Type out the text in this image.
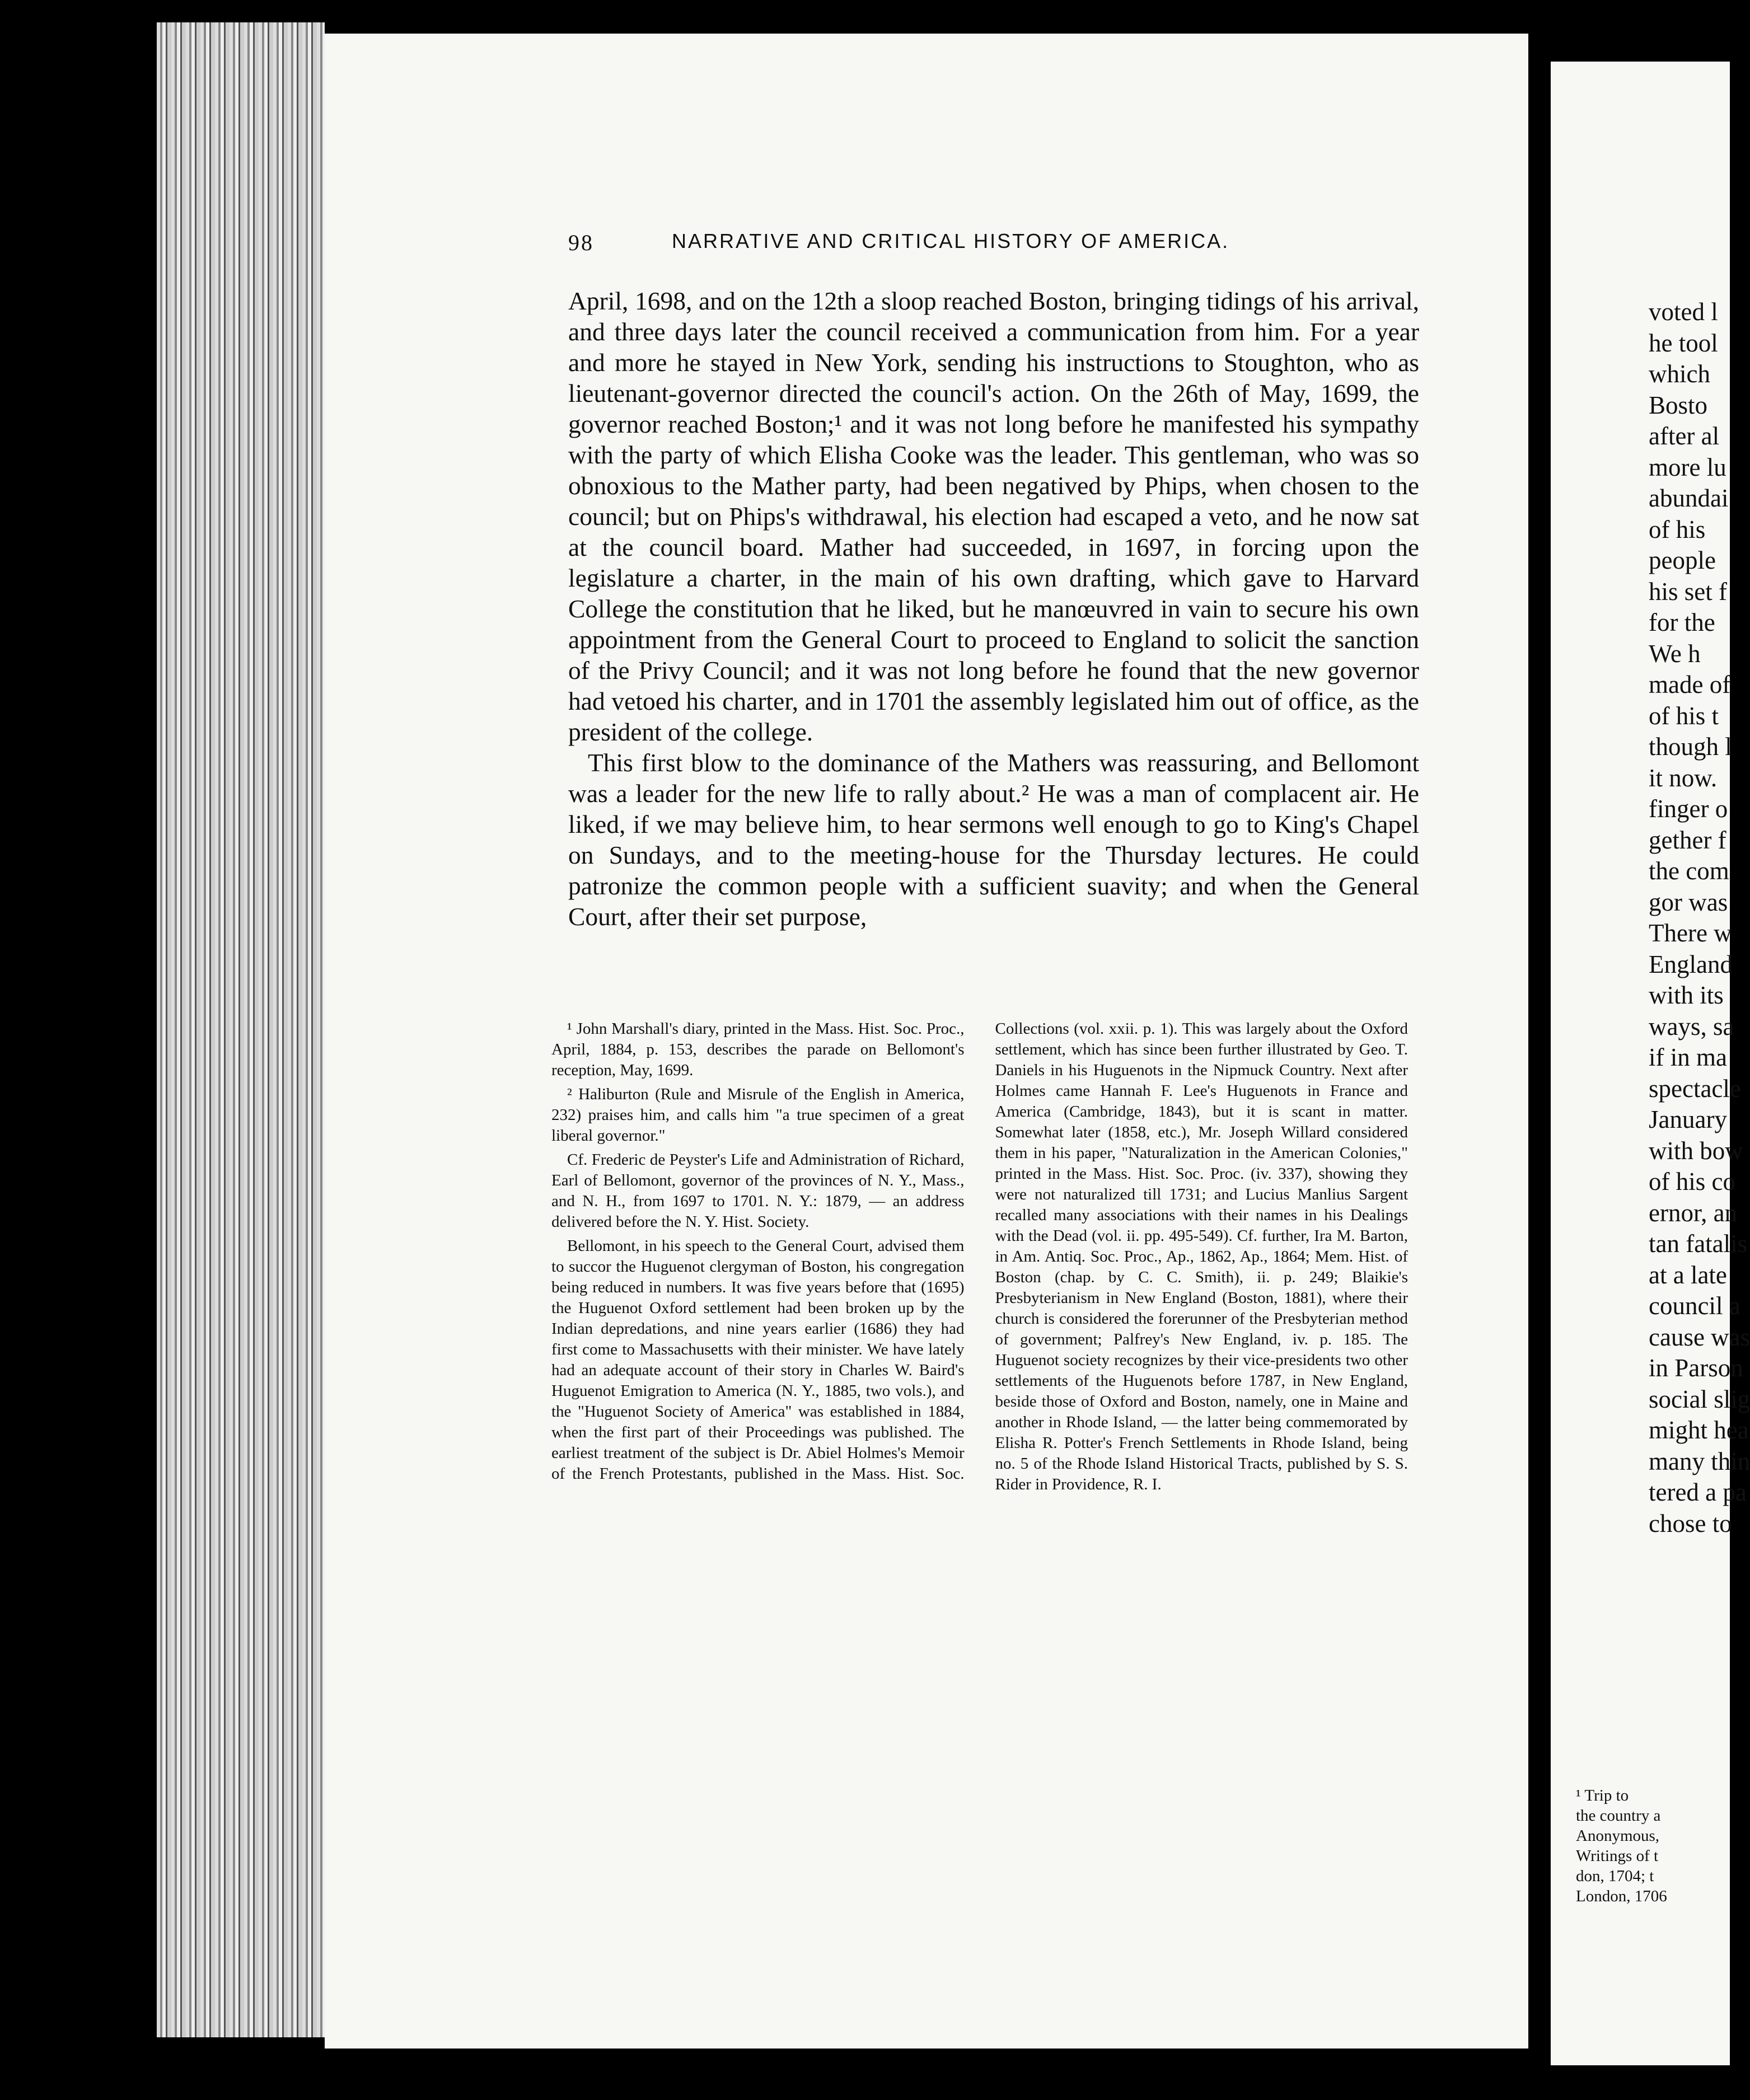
98	NARRATIVE AND CRITICAL HISTORY OF AMERICA.

April, 1698, and on the 12th a sloop reached Boston, bringing tidings of his arrival, and three days later the council received a communication from him. For a year and more he stayed in New York, sending his instructions to Stoughton, who as lieutenant-governor directed the council's action. On the 26th of May, 1699, the governor reached Boston;¹ and it was not long before he manifested his sympathy with the party of which Elisha Cooke was the leader. This gentleman, who was so obnoxious to the Mather party, had been negatived by Phips, when chosen to the council; but on Phips's withdrawal, his election had escaped a veto, and he now sat at the council board. Mather had succeeded, in 1697, in forcing upon the legislature a charter, in the main of his own drafting, which gave to Harvard College the constitution that he liked, but he manœuvred in vain to secure his own appointment from the General Court to proceed to England to solicit the sanction of the Privy Council; and it was not long before he found that the new governor had vetoed his charter, and in 1701 the assembly legislated him out of office, as the president of the college.

This first blow to the dominance of the Mathers was reassuring, and Bellomont was a leader for the new life to rally about.² He was a man of complacent air. He liked, if we may believe him, to hear sermons well enough to go to King's Chapel on Sundays, and to the meeting-house for the Thursday lectures. He could patronize the common people with a sufficient suavity; and when the General Court, after their set purpose,

¹ John Marshall's diary, printed in the Mass. Hist. Soc. Proc., April, 1884, p. 153, describes the parade on Bellomont's reception, May, 1699.

² Haliburton (Rule and Misrule of the English in America, 232) praises him, and calls him "a true specimen of a great liberal governor."

Cf. Frederic de Peyster's Life and Administration of Richard, Earl of Bellomont, governor of the provinces of N. Y., Mass., and N. H., from 1697 to 1701. N. Y.: 1879, — an address delivered before the N. Y. Hist. Society.

Bellomont, in his speech to the General Court, advised them to succor the Huguenot clergyman of Boston, his congregation being reduced in numbers. It was five years before that (1695) the Huguenot Oxford settlement had been broken up by the Indian depredations, and nine years earlier (1686) they had first come to Massachusetts with their minister. We have lately had an adequate account of their story in Charles W. Baird's Huguenot Emigration to America (N. Y., 1885, two vols.), and the "Huguenot Society of America" was established in 1884, when the first part of their Proceedings was published. The earliest treatment of the subject is Dr. Abiel Holmes's Memoir of the French Protestants, published in the Mass. Hist. Soc. Collections (vol. xxii. p. 1). This was largely about the Oxford settlement, which has since been further illustrated by Geo. T. Daniels in his Huguenots in the Nipmuck Country. Next after Holmes came Hannah F. Lee's Huguenots in France and America (Cambridge, 1843), but it is scant in matter. Somewhat later (1858, etc.), Mr. Joseph Willard considered them in his paper, "Naturalization in the American Colonies," printed in the Mass. Hist. Soc. Proc. (iv. 337), showing they were not naturalized till 1731; and Lucius Manlius Sargent recalled many associations with their names in his Dealings with the Dead (vol. ii. pp. 495-549). Cf. further, Ira M. Barton, in Am. Antiq. Soc. Proc., Ap., 1862, Ap., 1864; Mem. Hist. of Boston (chap. by C. C. Smith), ii. p. 249; Blaikie's Presbyterianism in New England (Boston, 1881), where their church is considered the forerunner of the Presbyterian method of government; Palfrey's New England, iv. p. 185. The Huguenot society recognizes by their vice-presidents two other settlements of the Huguenots before 1787, in New England, beside those of Oxford and Boston, namely, one in Maine and another in Rhode Island, — the latter being commemorated by Elisha R. Potter's French Settlements in Rhode Island, being no. 5 of the Rhode Island Historical Tracts, published by S. S. Rider in Providence, R. I.

voted l
he tool
which
Bosto
after al
more lu
abundai
of his
people
his set f
for the
We h
made of
of his t
though l
it now.
finger o
gether f
the com
gor was
There w
England
with its
ways, sa
if in ma
spectacle
January
with bow
of his co
ernor, an
tan fatalis
at a late
council a
cause was
in Parson
social slig
might hea
many thin
tered a pa
chose to
¹ Trip to
the country a
Anonymous,
Writings of t
don, 1704; t
London, 1706
